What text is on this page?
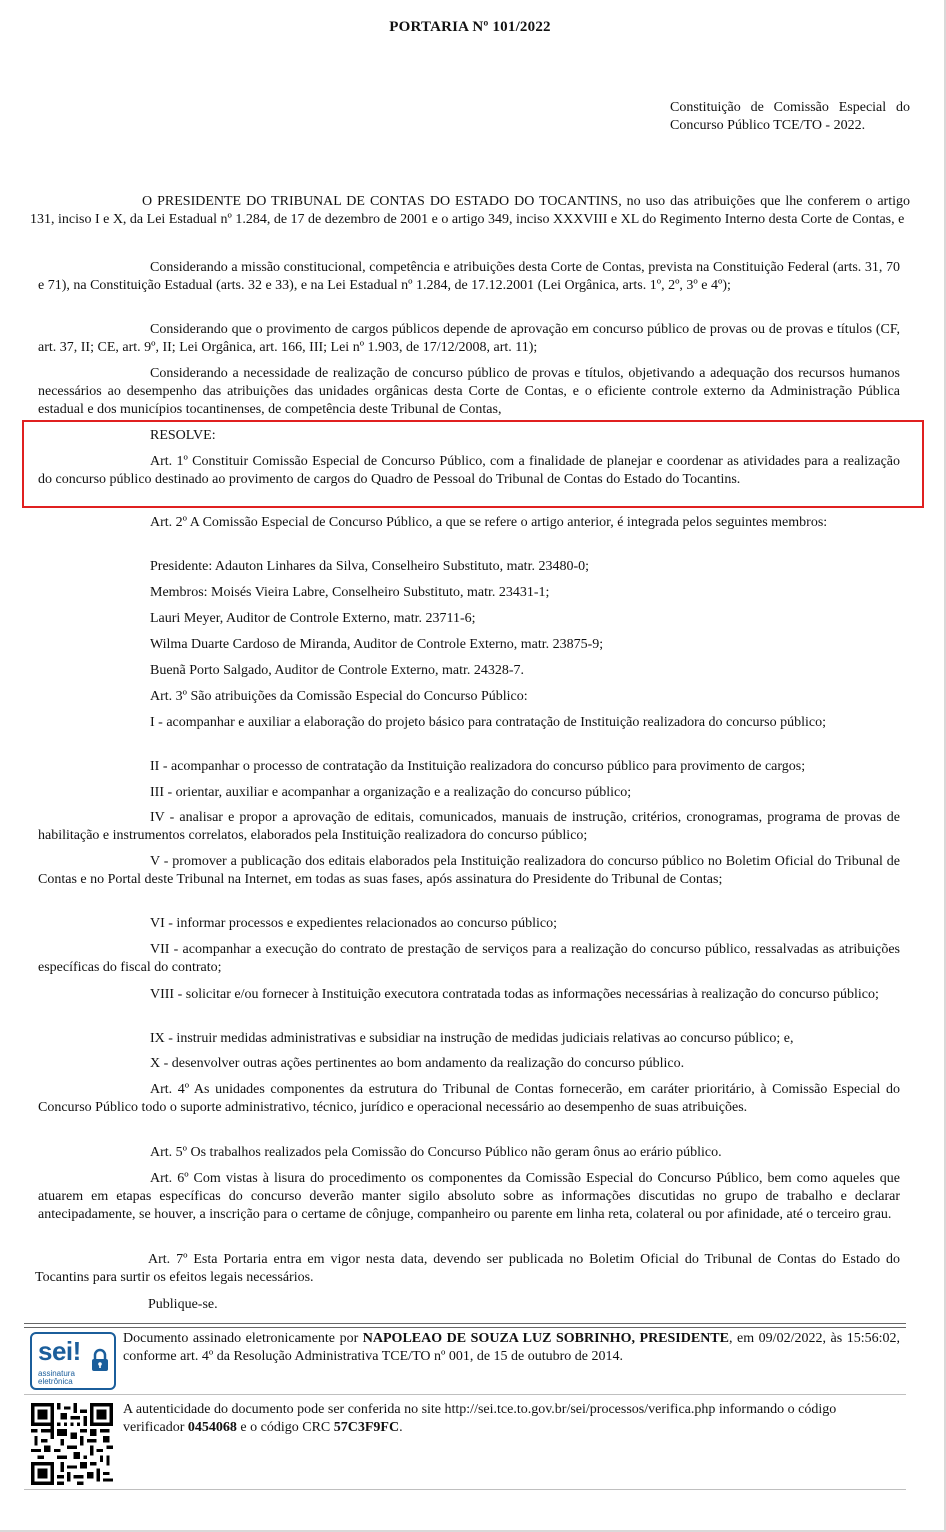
PORTARIA Nº 101/2022
Constituição de Comissão Especial do Concurso Público TCE/TO - 2022.

O PRESIDENTE DO TRIBUNAL DE CONTAS DO ESTADO DO TOCANTINS, no uso das atribuições que lhe conferem o artigo 131, inciso I e X, da Lei Estadual nº 1.284, de 17 de dezembro de 2001 e o artigo 349, inciso XXXVIII e XL do Regimento Interno desta Corte de Contas, e

Considerando a missão constitucional, competência e atribuições desta Corte de Contas, prevista na Constituição Federal (arts. 31, 70 e 71), na Constituição Estadual (arts. 32 e 33), e na Lei Estadual nº 1.284, de 17.12.2001 (Lei Orgânica, arts. 1º, 2º, 3º e 4º);

Considerando que o provimento de cargos públicos depende de aprovação em concurso público de provas ou de provas e títulos (CF, art. 37, II; CE, art. 9º, II; Lei Orgânica, art. 166, III; Lei nº 1.903, de 17/12/2008, art. 11);

Considerando a necessidade de realização de concurso público de provas e títulos, objetivando a adequação dos recursos humanos necessários ao desempenho das atribuições das unidades orgânicas desta Corte de Contas, e o eficiente controle externo da Administração Pública estadual e dos municípios tocantinenses, de competência deste Tribunal de Contas,

RESOLVE:

Art. 1º Constituir Comissão Especial de Concurso Público, com a finalidade de planejar e coordenar as atividades para a realização do concurso público destinado ao provimento de cargos do Quadro de Pessoal do Tribunal de Contas do Estado do Tocantins.

Art. 2º A Comissão Especial de Concurso Público, a que se refere o artigo anterior, é integrada pelos seguintes membros:

Presidente: Adauton Linhares da Silva, Conselheiro Substituto, matr. 23480-0;

Membros: Moisés Vieira Labre, Conselheiro Substituto, matr. 23431-1;

Lauri Meyer, Auditor de Controle Externo, matr. 23711-6;

Wilma Duarte Cardoso de Miranda, Auditor de Controle Externo, matr. 23875-9;

Buenã Porto Salgado, Auditor de Controle Externo, matr. 24328-7.

Art. 3º São atribuições da Comissão Especial do Concurso Público:

I - acompanhar e auxiliar a elaboração do projeto básico para contratação de Instituição realizadora do concurso público;

II - acompanhar o processo de contratação da Instituição realizadora do concurso público para provimento de cargos;

III - orientar, auxiliar e acompanhar a organização e a realização do concurso público;

IV - analisar e propor a aprovação de editais, comunicados, manuais de instrução, critérios, cronogramas, programa de provas de habilitação e instrumentos correlatos, elaborados pela Instituição realizadora do concurso público;

V - promover a publicação dos editais elaborados pela Instituição realizadora do concurso público no Boletim Oficial do Tribunal de Contas e no Portal deste Tribunal na Internet, em todas as suas fases, após assinatura do Presidente do Tribunal de Contas;

VI - informar processos e expedientes relacionados ao concurso público;

VII - acompanhar a execução do contrato de prestação de serviços para a realização do concurso público, ressalvadas as atribuições específicas do fiscal do contrato;

VIII - solicitar e/ou fornecer à Instituição executora contratada todas as informações necessárias à realização do concurso público;

IX - instruir medidas administrativas e subsidiar na instrução de medidas judiciais relativas ao concurso público; e,

X - desenvolver outras ações pertinentes ao bom andamento da realização do concurso público.

Art. 4º As unidades componentes da estrutura do Tribunal de Contas fornecerão, em caráter prioritário, à Comissão Especial do Concurso Público todo o suporte administrativo, técnico, jurídico e operacional necessário ao desempenho de suas atribuições.

Art. 5º Os trabalhos realizados pela Comissão do Concurso Público não geram ônus ao erário público.

Art. 6º Com vistas à lisura do procedimento os componentes da Comissão Especial do Concurso Público, bem como aqueles que atuarem em etapas específicas do concurso deverão manter sigilo absoluto sobre as informações discutidas no grupo de trabalho e declarar antecipadamente, se houver, a inscrição para o certame de cônjuge, companheiro ou parente em linha reta, colateral ou por afinidade, até o terceiro grau.

Art. 7º Esta Portaria entra em vigor nesta data, devendo ser publicada no Boletim Oficial do Tribunal de Contas do Estado do Tocantins para surtir os efeitos legais necessários.

Publique-se.

sei!
assinatura
eletrônica
Documento assinado eletronicamente por NAPOLEAO DE SOUZA LUZ SOBRINHO, PRESIDENTE, em 09/02/2022, às 15:56:02, conforme art. 4º da Resolução Administrativa TCE/TO nº 001, de 15 de outubro de 2014.
A autenticidade do documento pode ser conferida no site http://sei.tce.to.gov.br/sei/processos/verifica.php informando o código verificador 0454068 e o código CRC 57C3F9FC.
